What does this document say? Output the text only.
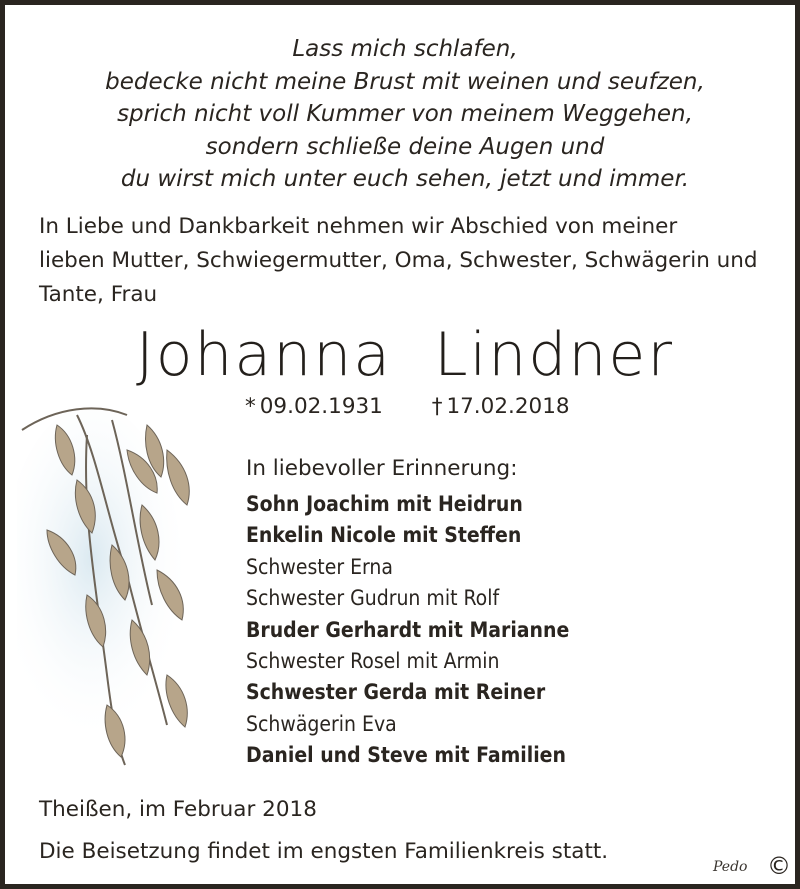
Lass mich schlafen,
bedecke nicht meine Brust mit weinen und seufzen,
sprich nicht voll Kummer von meinem Weggehen,
sondern schließe deine Augen und
du wirst mich unter euch sehen, jetzt und immer.
In Liebe und Dankbarkeit nehmen wir Abschied von meiner
lieben Mutter, Schwiegermutter, Oma, Schwester, Schwägerin und
Tante, Frau
Johanna  Lindner
* 09.02.1931 † 17.02.2018
In liebevoller Erinnerung:
Sohn Joachim mit Heidrun
Enkelin Nicole mit Steffen
Schwester Erna
Schwester Gudrun mit Rolf
Bruder Gerhardt mit Marianne
Schwester Rosel mit Armin
Schwester Gerda mit Reiner
Schwägerin Eva
Daniel und Steve mit Familien
Theißen, im Februar 2018
Die Beisetzung findet im engsten Familienkreis statt.
Pedo ©
